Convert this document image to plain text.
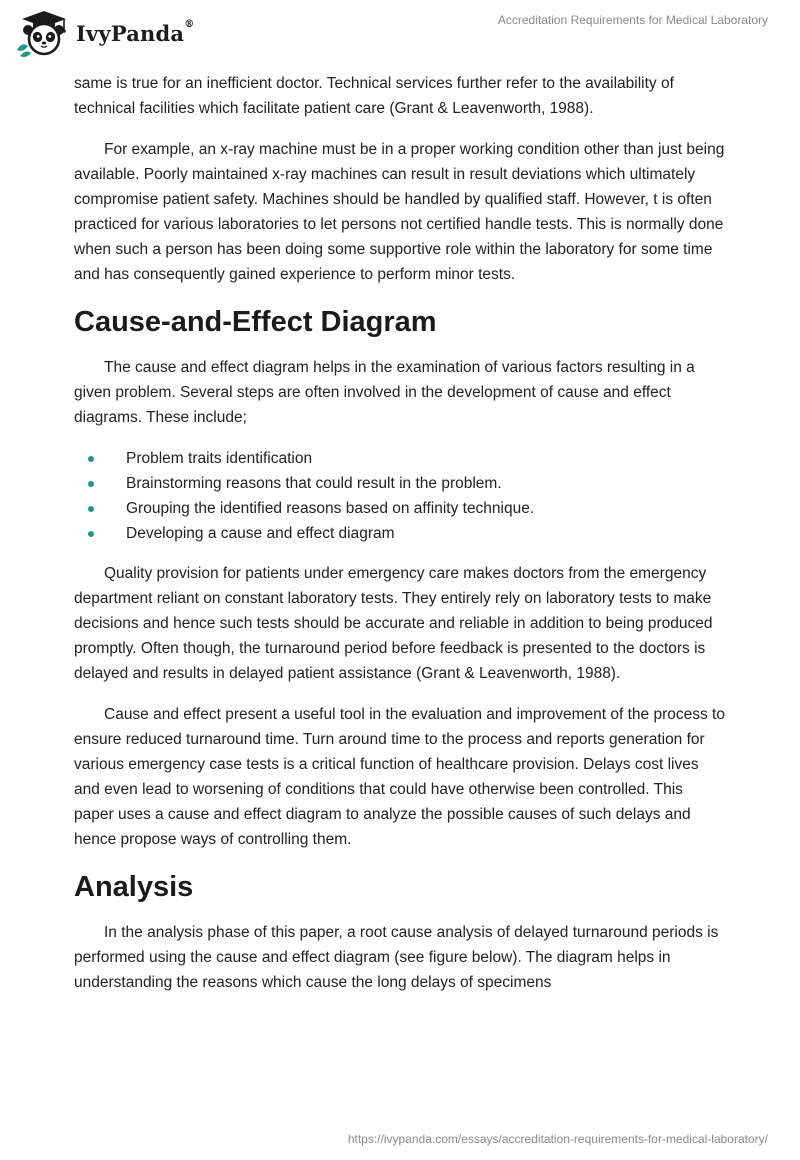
IvyPanda®	Accreditation Requirements for Medical Laboratory

same is true for an inefficient doctor. Technical services further refer to the availability of technical facilities which facilitate patient care (Grant & Leavenworth, 1988).

For example, an x-ray machine must be in a proper working condition other than just being available. Poorly maintained x-ray machines can result in result deviations which ultimately compromise patient safety. Machines should be handled by qualified staff. However, t is often practiced for various laboratories to let persons not certified handle tests. This is normally done when such a person has been doing some supportive role within the laboratory for some time and has consequently gained experience to perform minor tests.

Cause-and-Effect Diagram

The cause and effect diagram helps in the examination of various factors resulting in a given problem. Several steps are often involved in the development of cause and effect diagrams. These include;

Problem traits identification
Brainstorming reasons that could result in the problem.
Grouping the identified reasons based on affinity technique.
Developing a cause and effect diagram

Quality provision for patients under emergency care makes doctors from the emergency department reliant on constant laboratory tests. They entirely rely on laboratory tests to make decisions and hence such tests should be accurate and reliable in addition to being produced promptly. Often though, the turnaround period before feedback is presented to the doctors is delayed and results in delayed patient assistance (Grant & Leavenworth, 1988).

Cause and effect present a useful tool in the evaluation and improvement of the process to ensure reduced turnaround time. Turn around time to the process and reports generation for various emergency case tests is a critical function of healthcare provision. Delays cost lives and even lead to worsening of conditions that could have otherwise been controlled. This paper uses a cause and effect diagram to analyze the possible causes of such delays and hence propose ways of controlling them.

Analysis

In the analysis phase of this paper, a root cause analysis of delayed turnaround periods is performed using the cause and effect diagram (see figure below). The diagram helps in understanding the reasons which cause the long delays of specimens

https://ivypanda.com/essays/accreditation-requirements-for-medical-laboratory/
